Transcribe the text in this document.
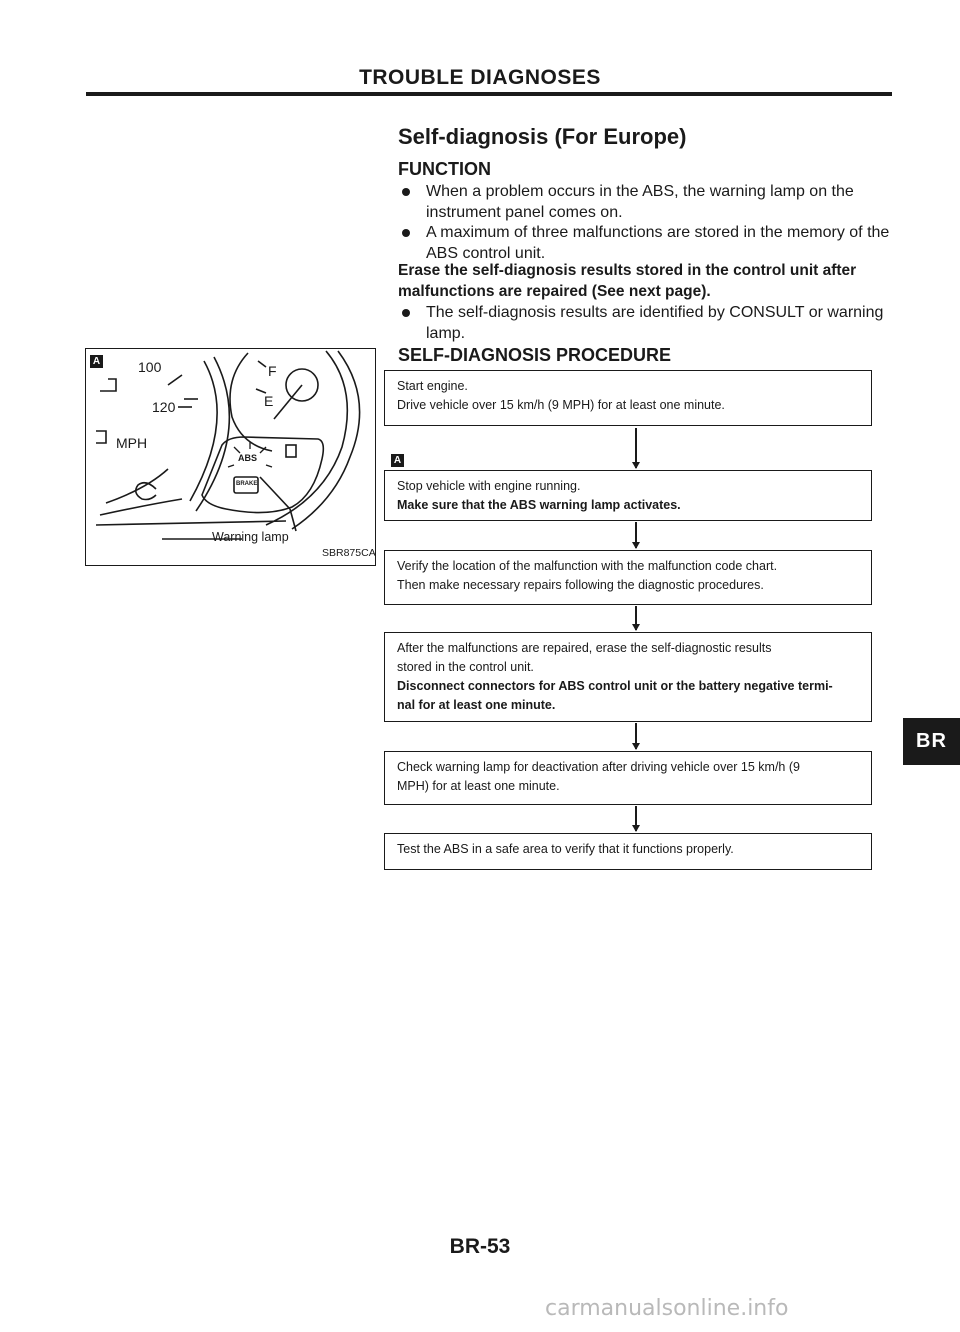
TROUBLE DIAGNOSES
Self-diagnosis (For Europe)
FUNCTION
When a problem occurs in the ABS, the warning lamp on the instrument panel comes on.
A maximum of three malfunctions are stored in the memory of the ABS control unit.
Erase the self-diagnosis results stored in the control unit after malfunctions are repaired (See next page).
The self-diagnosis results are identified by CONSULT or warning lamp.
SELF-DIAGNOSIS PROCEDURE
A	100
120
MPH
F
E
ABS
BRAKE
Warning lamp
SBR875CA
Start engine.
Drive vehicle over 15 km/h (9 MPH) for at least one minute.
A
Stop vehicle with engine running.
Make sure that the ABS warning lamp activates.
Verify the location of the malfunction with the malfunction code chart.
Then make necessary repairs following the diagnostic procedures.
After the malfunctions are repaired, erase the self-diagnostic results
stored in the control unit.
Disconnect connectors for ABS control unit or the battery negative termi-
nal for at least one minute.
Check warning lamp for deactivation after driving vehicle over 15 km/h (9
MPH) for at least one minute.
Test the ABS in a safe area to verify that it functions properly.
BR
BR-53
carmanualsonline.info
